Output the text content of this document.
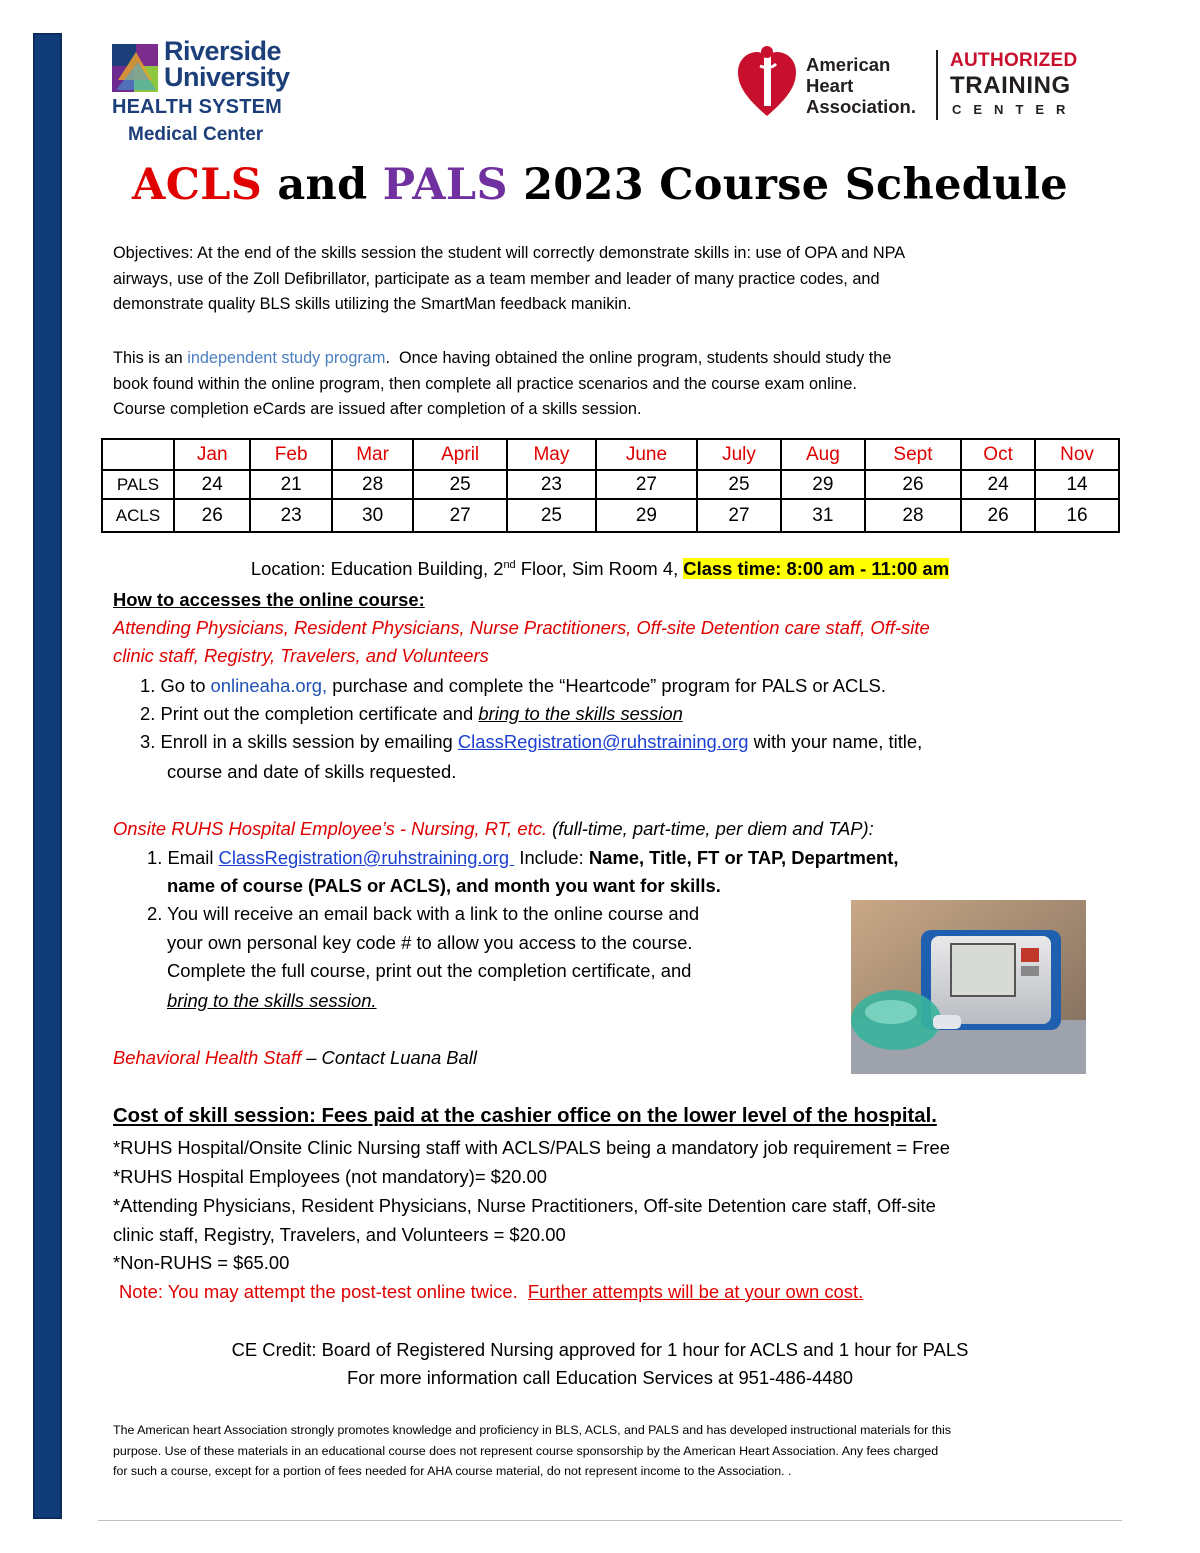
Riverside
University
HEALTH SYSTEM
Medical Center
American
Heart
Association.
AUTHORIZED
TRAINING
CENTER
ACLS and PALS 2023 Course Schedule
Objectives: At the end of the skills session the student will correctly demonstrate skills in: use of OPA and NPA
airways, use of the Zoll Defibrillator, participate as a team member and leader of many practice codes, and
demonstrate quality BLS skills utilizing the SmartMan feedback manikin.
This is an independent study program.  Once having obtained the online program, students should study the
book found within the online program, then complete all practice scenarios and the course exam online.
Course completion eCards are issued after completion of a skills session.
	Jan	Feb	Mar	April	May	June	July	Aug	Sept	Oct	Nov
PALS	24	21	28	25	23	27	25	29	26	24	14
ACLS	26	23	30	27	25	29	27	31	28	26	16
Location: Education Building, 2nd Floor, Sim Room 4, Class time: 8:00 am - 11:00 am
How to accesses the online course:
Attending Physicians, Resident Physicians, Nurse Practitioners, Off-site Detention care staff, Off-site
clinic staff, Registry, Travelers, and Volunteers
1. Go to onlineaha.org, purchase and complete the “Heartcode” program for PALS or ACLS.
2. Print out the completion certificate and bring to the skills session
3. Enroll in a skills session by emailing ClassRegistration@ruhstraining.org with your name, title,
course and date of skills requested.
Onsite RUHS Hospital Employee’s - Nursing, RT, etc. (full-time, part-time, per diem and TAP):
1. Email ClassRegistration@ruhstraining.org  Include: Name, Title, FT or TAP, Department,
name of course (PALS or ACLS), and month you want for skills.
2. You will receive an email back with a link to the online course and
your own personal key code # to allow you access to the course.
Complete the full course, print out the completion certificate, and
bring to the skills session.
Behavioral Health Staff – Contact Luana Ball
Cost of skill session: Fees paid at the cashier office on the lower level of the hospital.
*RUHS Hospital/Onsite Clinic Nursing staff with ACLS/PALS being a mandatory job requirement = Free
*RUHS Hospital Employees (not mandatory)= $20.00
*Attending Physicians, Resident Physicians, Nurse Practitioners, Off-site Detention care staff, Off-site
clinic staff, Registry, Travelers, and Volunteers = $20.00
*Non-RUHS = $65.00
Note: You may attempt the post-test online twice. Further attempts will be at your own cost.
CE Credit: Board of Registered Nursing approved for 1 hour for ACLS and 1 hour for PALS
For more information call Education Services at 951-486-4480
The American heart Association strongly promotes knowledge and proficiency in BLS, ACLS, and PALS and has developed instructional materials for this
purpose. Use of these materials in an educational course does not represent course sponsorship by the American Heart Association. Any fees charged
for such a course, except for a portion of fees needed for AHA course material, do not represent income to the Association. .
